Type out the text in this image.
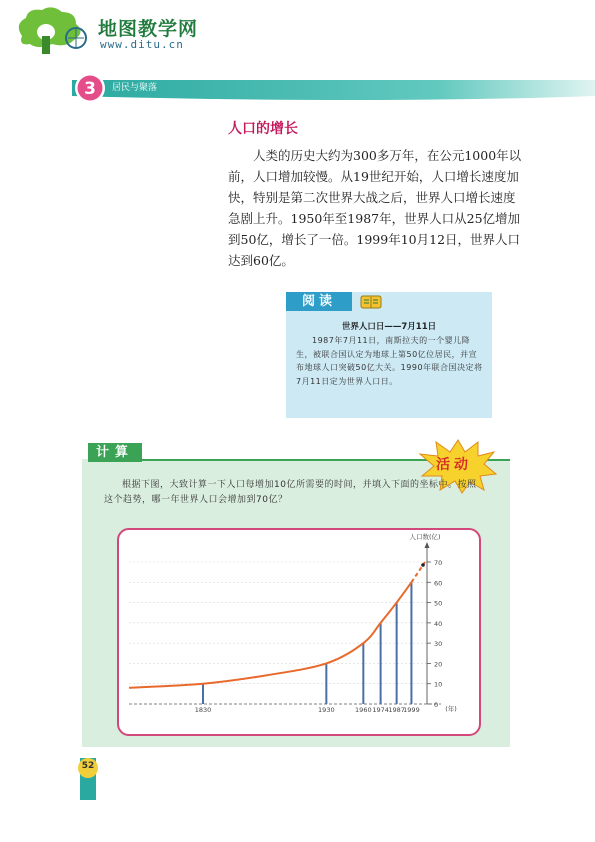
地图教学网
www.ditu.cn
3 居民与聚落
人口的增长
人类的历史大约为300多万年，在公元1000年以前，人口增加较慢。从19世纪开始，人口增长速度加快，特别是第二次世界大战之后，世界人口增长速度急剧上升。1950年至1987年，世界人口从25亿增加到50亿，增长了一倍。1999年10月12日，世界人口达到60亿。
阅读
世界人口日——7月11日
1987年7月11日，南斯拉夫的一个婴儿降生，被联合国认定为地球上第50亿位居民，并宣布地球人口突破50亿大关。1990年联合国决定将7月11日定为世界人口日。
计算
活动
根据下图，大致计算一下人口每增加10亿所需要的时间，并填入下面的坐标中。按照这个趋势，哪一年世界人口会增加到70亿？
0
10
20
30
40
50
60
70
人口数(亿)
(年)
1830	1930	1960 1974 1987
1999
52
